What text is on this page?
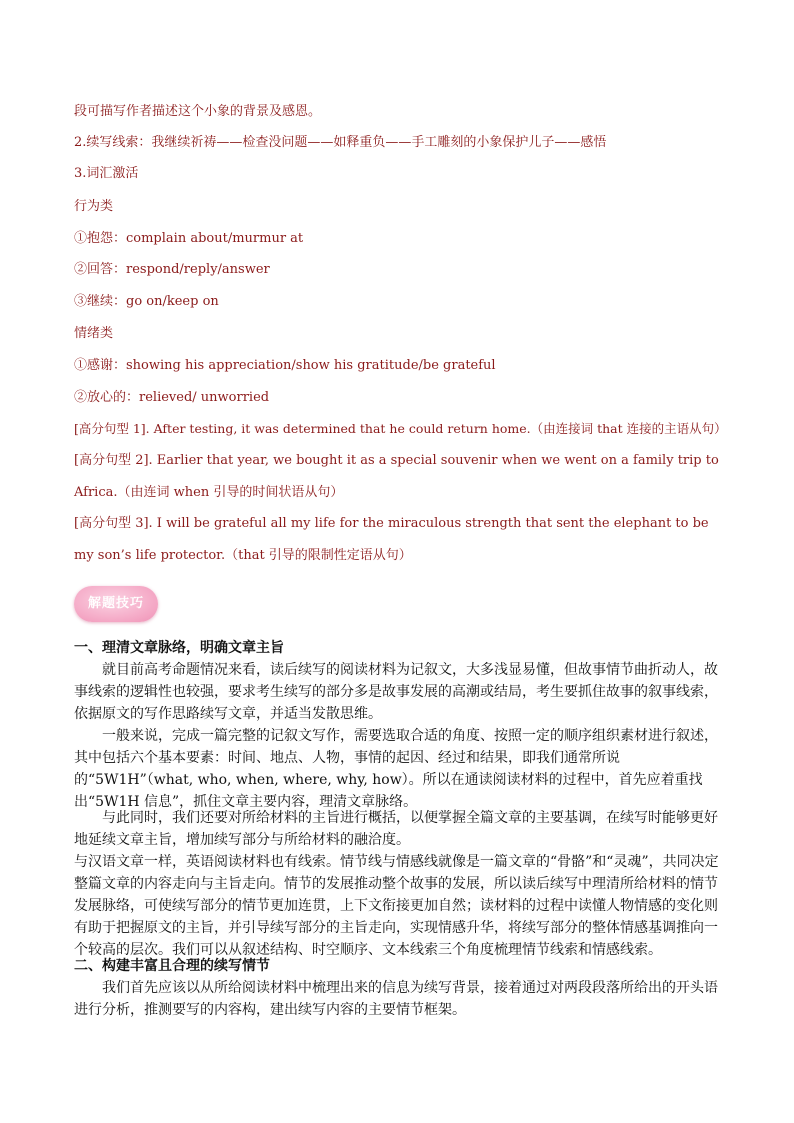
段可描写作者描述这个小象的背景及感恩。
2.续写线索：我继续祈祷——检查没问题——如释重负——手工雕刻的小象保护儿子——感悟
3.词汇激活
行为类
①抱怨：complain about/murmur at
②回答：respond/reply/answer
③继续：go on/keep on
情绪类
①感谢：showing his appreciation/show his gratitude/be grateful
②放心的：relieved/ unworried
[高分句型 1]. After testing, it was determined that he could return home.（由连接词 that 连接的主语从句）
[高分句型 2]. Earlier that year, we bought it as a special souvenir when we went on a family trip to Africa.（由连词 when 引导的时间状语从句）
[高分句型 3]. I will be grateful all my life for the miraculous strength that sent the elephant to be my son’s life protector.（that 引导的限制性定语从句）
解题技巧
一、理清文章脉络，明确文章主旨
就目前高考命题情况来看，读后续写的阅读材料为记叙文，大多浅显易懂，但故事情节曲折动人，故事线索的逻辑性也较强，要求考生续写的部分多是故事发展的高潮或结局，考生要抓住故事的叙事线索，依据原文的写作思路续写文章，并适当发散思维。
一般来说，完成一篇完整的记叙文写作，需要选取合适的角度、按照一定的顺序组织素材进行叙述，其中包括六个基本要素：时间、地点、人物，事情的起因、经过和结果，即我们通常所说的“5W1H”（what, who, when, where, why, how）。所以在通读阅读材料的过程中，首先应着重找出“5W1H 信息”，抓住文章主要内容，理清文章脉络。
与此同时，我们还要对所给材料的主旨进行概括，以便掌握全篇文章的主要基调，在续写时能够更好地延续文章主旨，增加续写部分与所给材料的融洽度。
与汉语文章一样，英语阅读材料也有线索。情节线与情感线就像是一篇文章的“骨骼”和“灵魂”，共同决定整篇文章的内容走向与主旨走向。情节的发展推动整个故事的发展，所以读后续写中理清所给材料的情节发展脉络，可使续写部分的情节更加连贯，上下文衔接更加自然；读材料的过程中读懂人物情感的变化则有助于把握原文的主旨，并引导续写部分的主旨走向，实现情感升华，将续写部分的整体情感基调推向一个较高的层次。我们可以从叙述结构、时空顺序、文本线索三个角度梳理情节线索和情感线索。
二、构建丰富且合理的续写情节
我们首先应该以从所给阅读材料中梳理出来的信息为续写背景，接着通过对两段段落所给出的开头语进行分析，推测要写的内容构，建出续写内容的主要情节框架。
